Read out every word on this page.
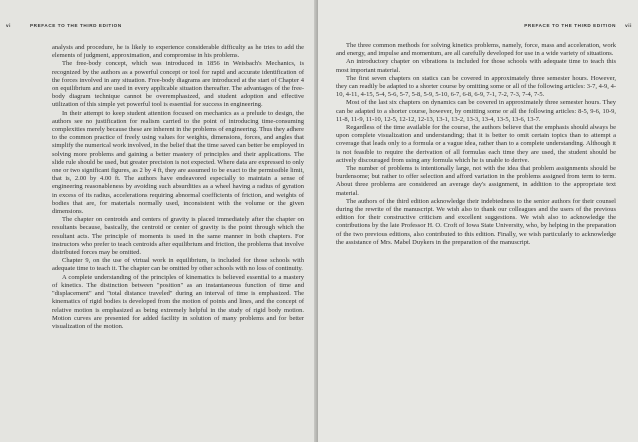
vi	PREFACE TO THE THIRD EDITION

analysis and procedure, he is likely to experience considerable difficulty as he tries to add the elements of judgment, approximation, and compromise in his problems.

The free-body concept, which was introduced in 1856 in Weisbach's Mechanics, is recognized by the authors as a powerful concept or tool for rapid and accurate identification of the forces involved in any situation. Free-body diagrams are introduced at the start of Chapter 4 on equilibrium and are used in every applicable situation thereafter. The advantages of the free-body diagram technique cannot be overemphasized, and student adoption and effective utilization of this simple yet powerful tool is essential for success in engineering.

In their attempt to keep student attention focused on mechanics as a prelude to design, the authors see no justification for realism carried to the point of introducing time-consuming complexities merely because these are inherent in the problems of engineering. Thus they adhere to the common practice of freely using values for weights, dimensions, forces, and angles that simplify the numerical work involved, in the belief that the time saved can better be employed in solving more problems and gaining a better mastery of principles and their applications. The slide rule should be used, but greater precision is not expected. Where data are expressed to only one or two significant figures, as 2 by 4 ft, they are assumed to be exact to the permissible limit, that is, 2.00 by 4.00 ft. The authors have endeavored especially to maintain a sense of engineering reasonableness by avoiding such absurdities as a wheel having a radius of gyration in excess of its radius, accelerations requiring abnormal coefficients of friction, and weights of bodies that are, for materials normally used, inconsistent with the volume or the given dimensions.

The chapter on centroids and centers of gravity is placed immediately after the chapter on resultants because, basically, the centroid or center of gravity is the point through which the resultant acts. The principle of moments is used in the same manner in both chapters. For instructors who prefer to teach centroids after equilibrium and friction, the problems that involve distributed forces may be omitted.

Chapter 9, on the use of virtual work in equilibrium, is included for those schools with adequate time to teach it. The chapter can be omitted by other schools with no loss of continuity.

A complete understanding of the principles of kinematics is believed essential to a mastery of kinetics. The distinction between "position" as an instantaneous function of time and "displacement" and "total distance traveled" during an interval of time is emphasized. The kinematics of rigid bodies is developed from the motion of points and lines, and the concept of relative motion is emphasized as being extremely helpful in the study of rigid body motion. Motion curves are presented for added facility in solution of many problems and for better visualization of the motion.

PREFACE TO THE THIRD EDITION vii

The three common methods for solving kinetics problems, namely, force, mass and acceleration, work and energy, and impulse and momentum, are all carefully developed for use in a wide variety of situations.

An introductory chapter on vibrations is included for those schools with adequate time to teach this most important material.

The first seven chapters on statics can be covered in approximately three semester hours. However, they can readily be adapted to a shorter course by omitting some or all of the following articles: 3-7, 4-9, 4-10, 4-11, 4-15, 5-4, 5-6, 5-7, 5-8, 5-9, 5-10, 6-7, 6-8, 6-9, 7-1, 7-2, 7-3, 7-4, 7-5.

Most of the last six chapters on dynamics can be covered in approximately three semester hours. They can be adapted to a shorter course, however, by omitting some or all the following articles: 8-5, 9-6, 10-9, 11-8, 11-9, 11-10, 12-5, 12-12, 12-13, 13-1, 13-2, 13-3, 13-4, 13-5, 13-6, 13-7.

Regardless of the time available for the course, the authors believe that the emphasis should always be upon complete visualization and understanding; that it is better to omit certain topics than to attempt a coverage that leads only to a formula or a vague idea, rather than to a complete understanding. Although it is not feasible to require the derivation of all formulas each time they are used, the student should be actively discouraged from using any formula which he is unable to derive.

The number of problems is intentionally large, not with the idea that problem assignments should be burdensome; but rather to offer selection and afford variation in the problems assigned from term to term. About three problems are considered an average day's assignment, in addition to the appropriate text material.

The authors of the third edition acknowledge their indebtedness to the senior authors for their counsel during the rewrite of the manuscript. We wish also to thank our colleagues and the users of the previous edition for their constructive criticism and excellent suggestions. We wish also to acknowledge the contributions by the late Professor H. O. Croft of Iowa State University, who, by helping in the preparation of the two previous editions, also contributed to this edition. Finally, we wish particularly to acknowledge the assistance of Mrs. Mabel Duykers in the preparation of the manuscript.
